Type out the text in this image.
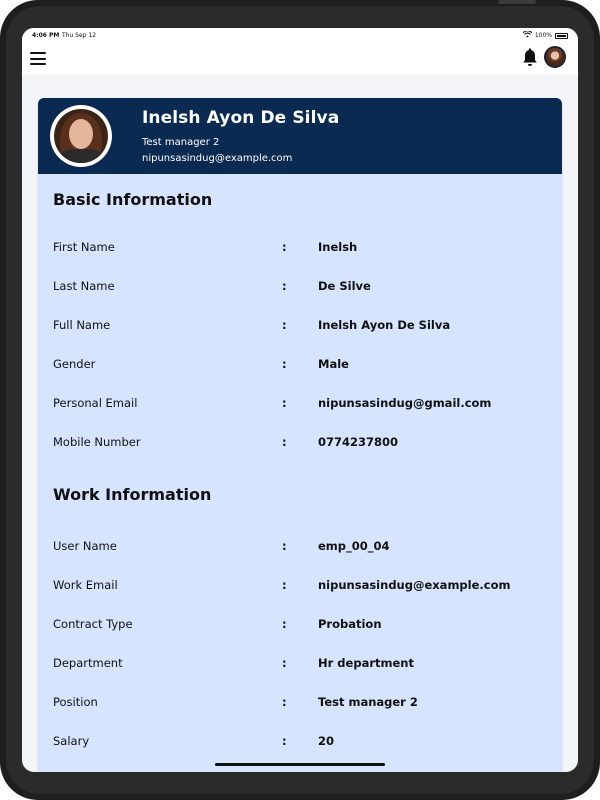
4:06 PM Thu Sep 12	100%
Inelsh Ayon De Silva
Test manager 2
nipunsasindug@example.com
Basic Information
First Name	:	Inelsh
Last Name	:	De Silve
Full Name	:	Inelsh Ayon De Silva
Gender	:	Male
Personal Email	:	nipunsasindug@gmail.com
Mobile Number	:	0774237800
Work Information
User Name	:	emp_00_04
Work Email	:	nipunsasindug@example.com
Contract Type	:	Probation
Department	:	Hr department
Position	:	Test manager 2
Salary	:	20
